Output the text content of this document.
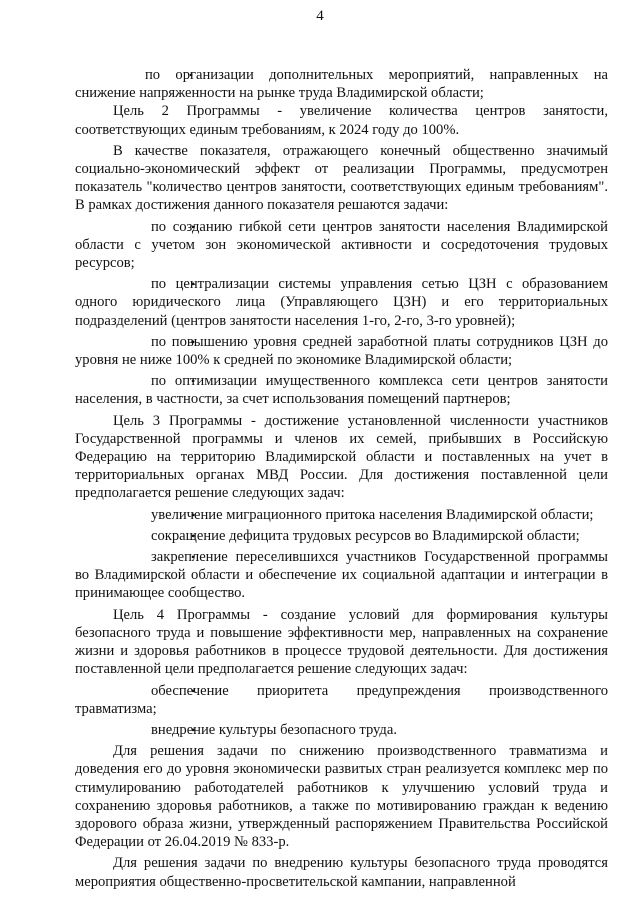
4

• по организации дополнительных мероприятий, направленных на снижение напряженности на рынке труда Владимирской области;

Цель 2 Программы - увеличение количества центров занятости, соответствующих единым требованиям, к 2024 году до 100%.

В качестве показателя, отражающего конечный общественно значимый социально-экономический эффект от реализации Программы, предусмотрен показатель "количество центров занятости, соответствующих единым требованиям". В рамках достижения данного показателя решаются задачи:

• по созданию гибкой сети центров занятости населения Владимирской области с учетом зон экономической активности и сосредоточения трудовых ресурсов;

• по централизации системы управления сетью ЦЗН с образованием одного юридического лица (Управляющего ЦЗН) и его территориальных подразделений (центров занятости населения 1-го, 2-го, 3-го уровней);

• по повышению уровня средней заработной платы сотрудников ЦЗН до уровня не ниже 100% к средней по экономике Владимирской области;

• по оптимизации имущественного комплекса сети центров занятости населения, в частности, за счет использования помещений партнеров;

Цель 3 Программы - достижение установленной численности участников Государственной программы и членов их семей, прибывших в Российскую Федерацию на территорию Владимирской области и поставленных на учет в территориальных органах МВД России. Для достижения поставленной цели предполагается решение следующих задач:

• увеличение миграционного притока населения Владимирской области;

• сокращение дефицита трудовых ресурсов во Владимирской области;

• закрепление переселившихся участников Государственной программы во Владимирской области и обеспечение их социальной адаптации и интеграции в принимающее сообщество.

Цель 4 Программы - создание условий для формирования культуры безопасного труда и повышение эффективности мер, направленных на сохранение жизни и здоровья работников в процессе трудовой деятельности. Для достижения поставленной цели предполагается решение следующих задач:

• обеспечение приоритета предупреждения производственного травматизма;

• внедрение культуры безопасного труда.

Для решения задачи по снижению производственного травматизма и доведения его до уровня экономически развитых стран реализуется комплекс мер по стимулированию работодателей работников к улучшению условий труда и сохранению здоровья работников, а также по мотивированию граждан к ведению здорового образа жизни, утвержденный распоряжением Правительства Российской Федерации от 26.04.2019 № 833-р.

Для решения задачи по внедрению культуры безопасного труда проводятся мероприятия общественно-просветительской кампании, направленной
